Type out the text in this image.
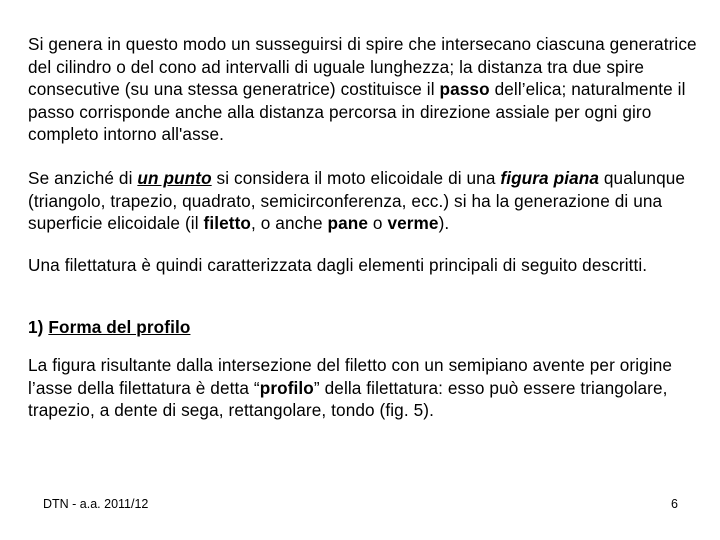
Si genera in questo modo un susseguirsi di spire che intersecano ciascuna generatrice del cilindro o del cono ad intervalli di uguale lunghezza; la distanza tra due spire consecutive (su una stessa generatrice) costituisce il passo dell’elica; naturalmente il passo corrisponde anche alla distanza percorsa in direzione assiale per ogni giro completo intorno all'asse.

Se anziché di un punto si considera il moto elicoidale di una figura piana qualunque (triangolo, trapezio, quadrato, semicirconferenza, ecc.) si ha la generazione di una superficie elicoidale (il filetto, o anche pane o verme).

Una filettatura è quindi caratterizzata dagli elementi principali di seguito descritti.

1) Forma del profilo

La figura risultante dalla intersezione del filetto con un semipiano avente per origine l’asse della filettatura è detta “profilo” della filettatura: esso può essere triangolare, trapezio, a dente di sega, rettangolare, tondo (fig. 5).

DTN - a.a. 2011/12	6
